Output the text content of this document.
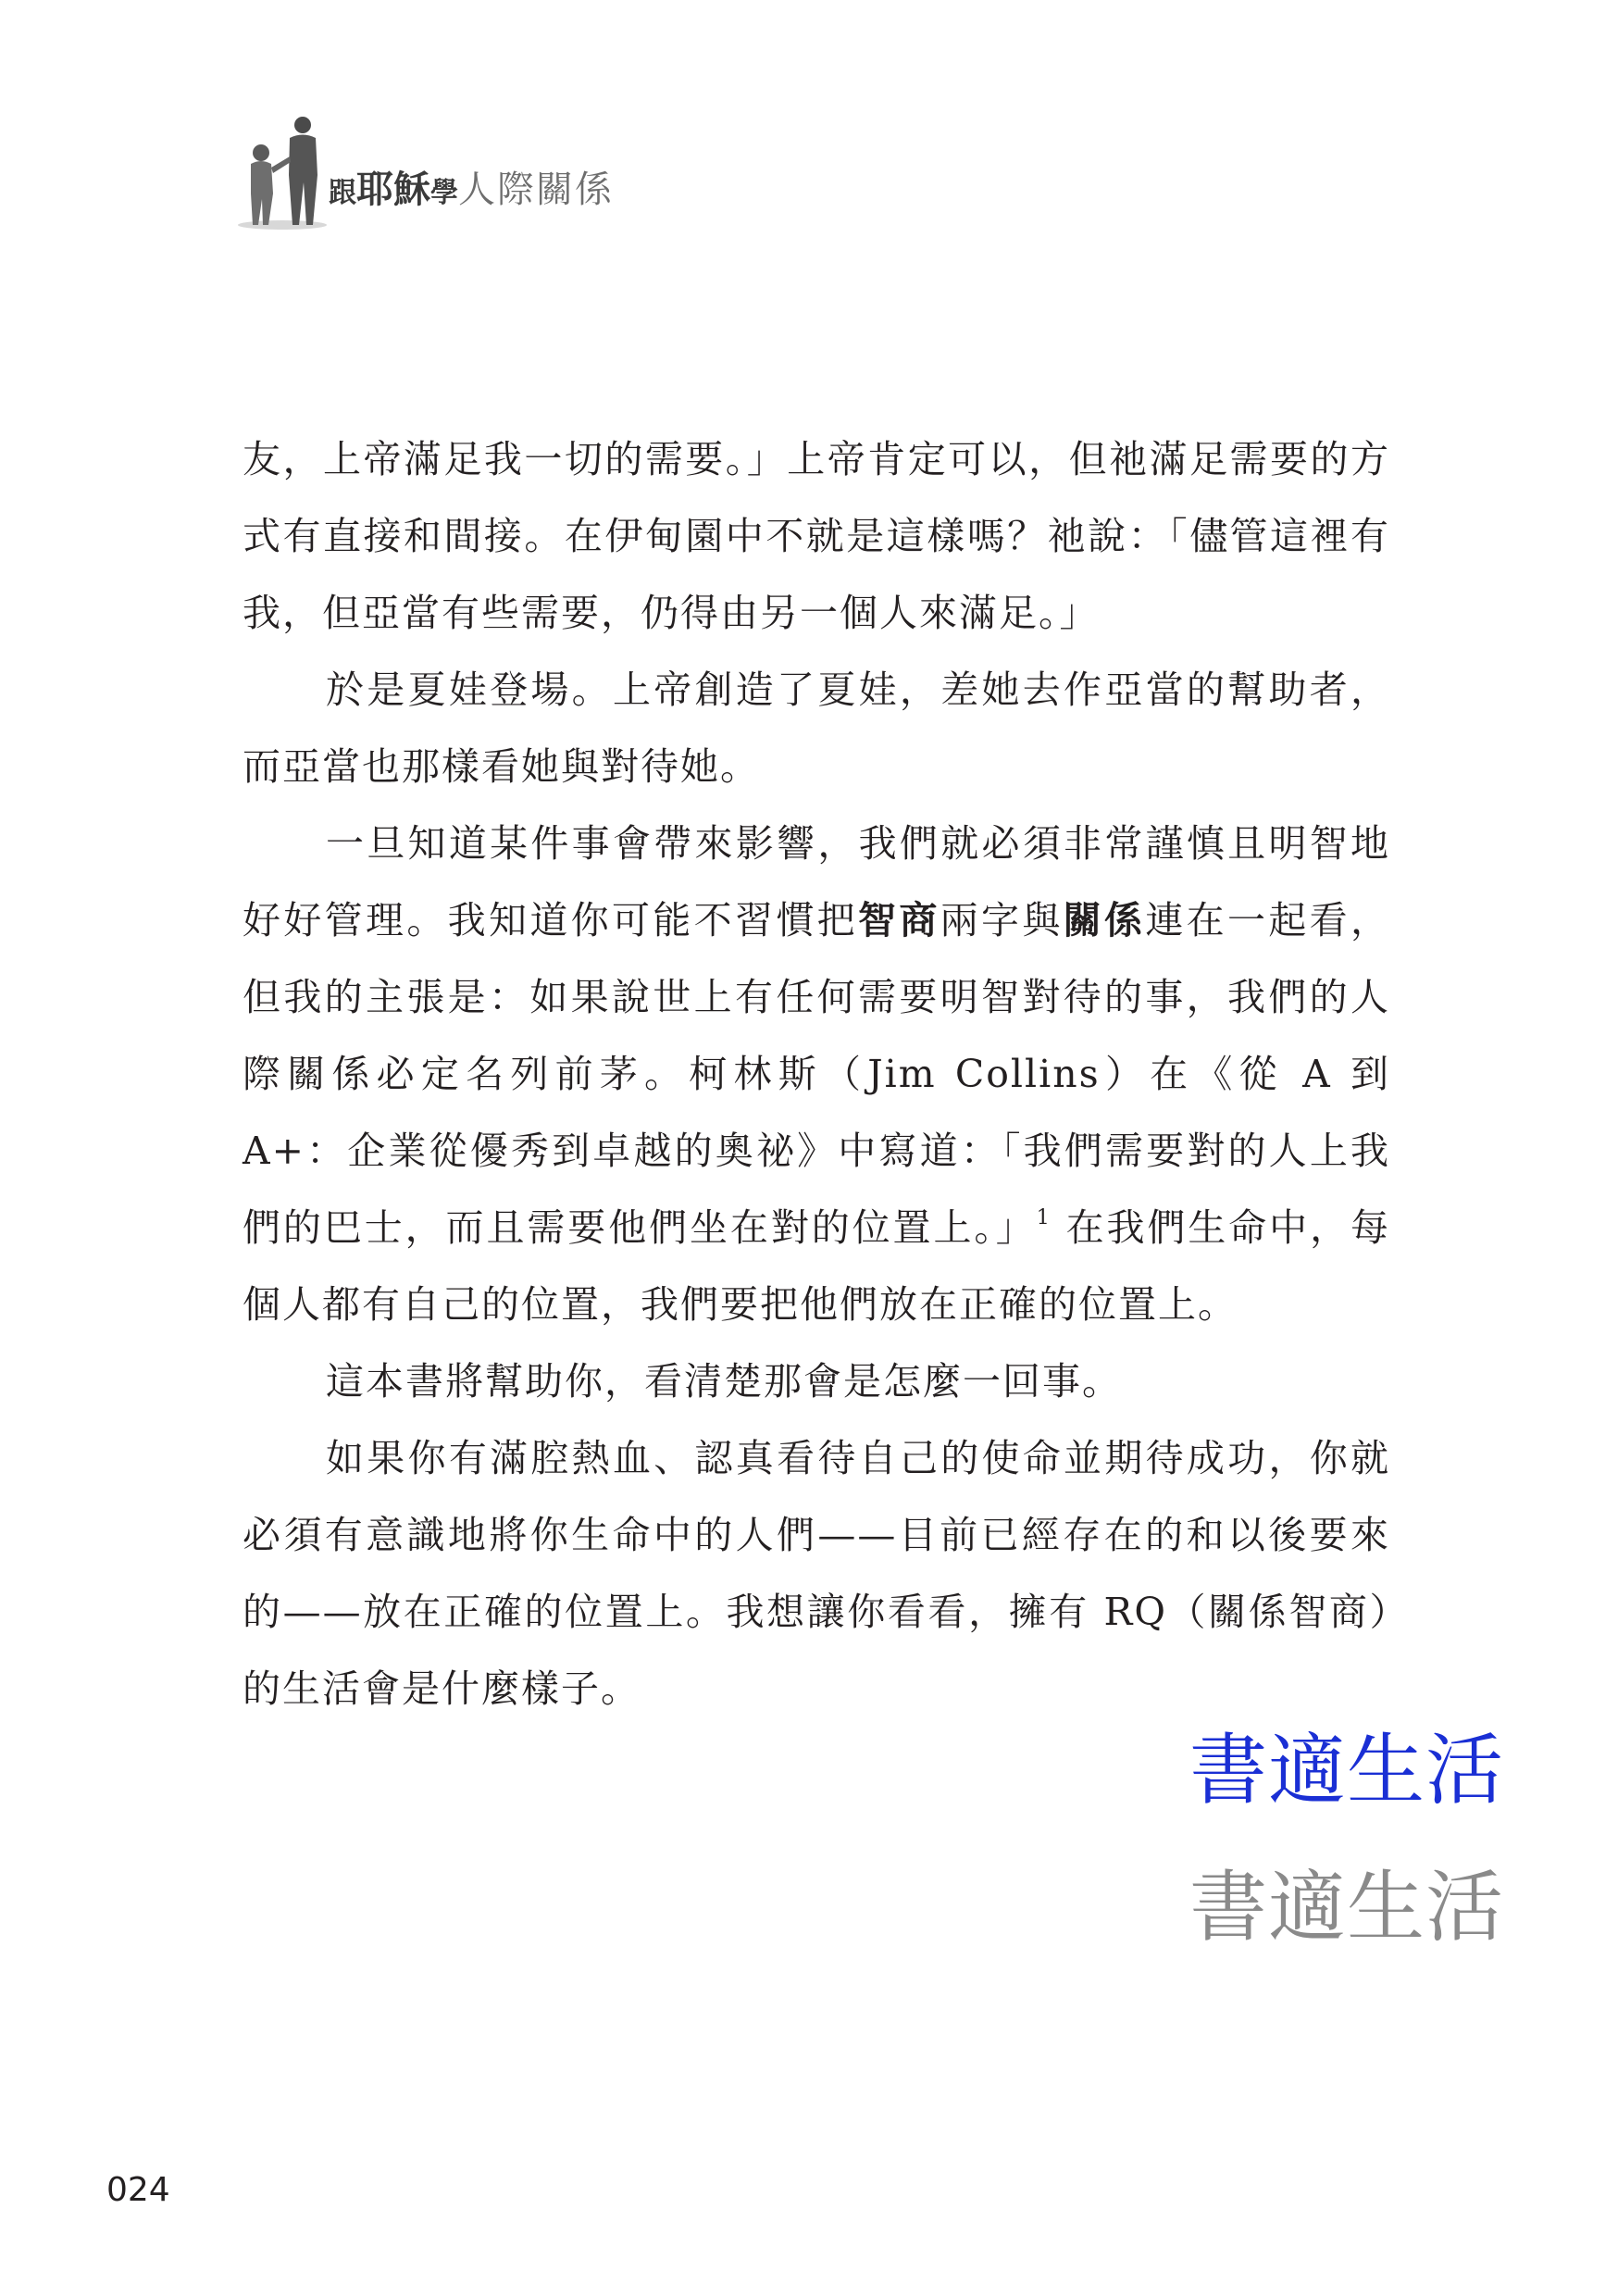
跟耶穌學人際關係

友，上帝滿足我一切的需要。」上帝肯定可以，但祂滿足需要的方式有直接和間接。在伊甸園中不就是這樣嗎？祂說：「儘管這裡有我，但亞當有些需要，仍得由另一個人來滿足。」

於是夏娃登場。上帝創造了夏娃，差她去作亞當的幫助者，而亞當也那樣看她與對待她。

一旦知道某件事會帶來影響，我們就必須非常謹慎且明智地好好管理。我知道你可能不習慣把智商兩字與關係連在一起看，但我的主張是：如果說世上有任何需要明智對待的事，我們的人際關係必定名列前茅。柯林斯（Jim Collins）在《從 A 到 A+：企業從優秀到卓越的奧祕》中寫道：「我們需要對的人上我們的巴士，而且需要他們坐在對的位置上。」$^1$ 在我們生命中，每個人都有自己的位置，我們要把他們放在正確的位置上。

這本書將幫助你，看清楚那會是怎麼一回事。

如果你有滿腔熱血、認真看待自己的使命並期待成功，你就必須有意識地將你生命中的人們——目前已經存在的和以後要來的——放在正確的位置上。我想讓你看看，擁有 RQ（關係智商）的生活會是什麼樣子。

書適生活
書適生活
024
